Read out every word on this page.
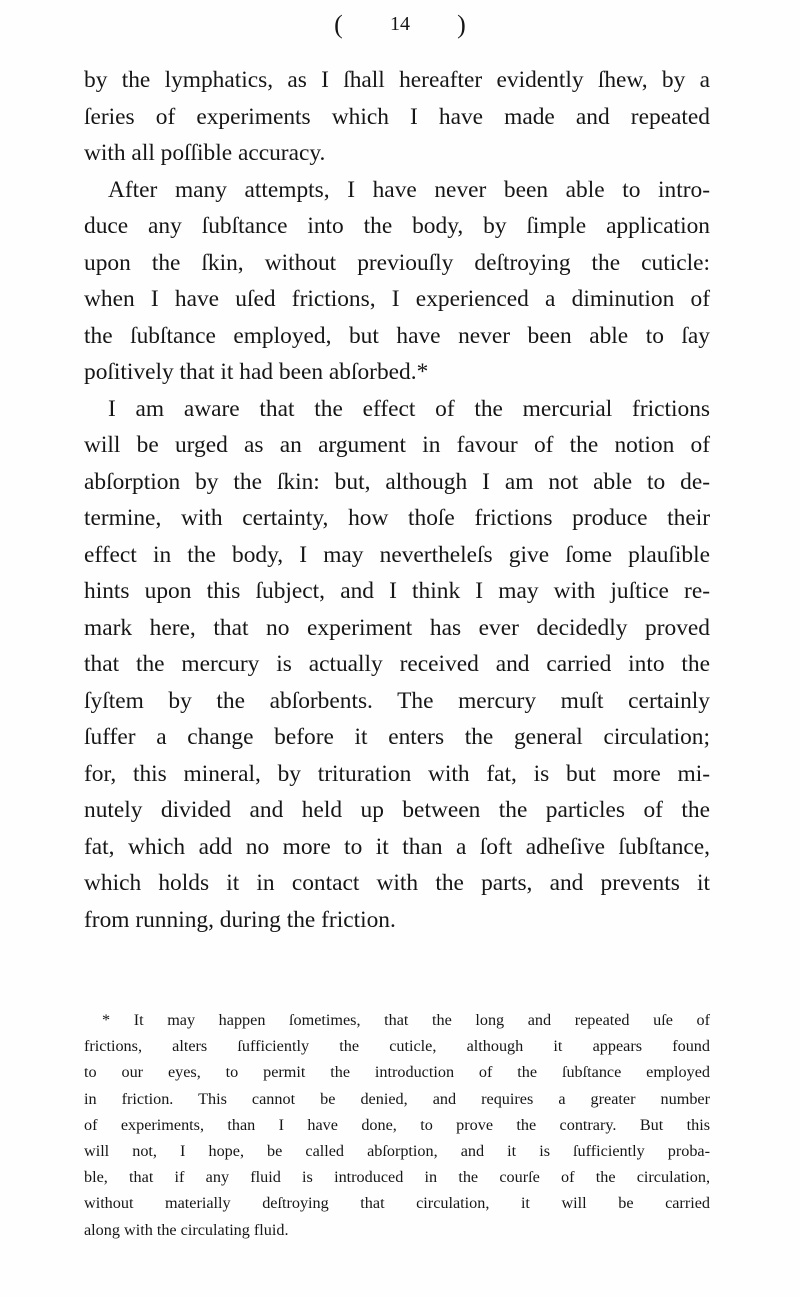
( 14 )
by the lymphatics, as I ſhall hereafter evidently ſhew, by a
ſeries of experiments which I have made and repeated
with all poſſible accuracy.
After many attempts, I have never been able to intro-
duce any ſubſtance into the body, by ſimple application
upon the ſkin, without previouſly deſtroying the cuticle:
when I have uſed frictions, I experienced a diminution of
the ſubſtance employed, but have never been able to ſay
poſitively that it had been abſorbed.*
I am aware that the effect of the mercurial frictions
will be urged as an argument in favour of the notion of
abſorption by the ſkin: but, although I am not able to de-
termine, with certainty, how thoſe frictions produce their
effect in the body, I may nevertheleſs give ſome plauſible
hints upon this ſubject, and I think I may with juſtice re-
mark here, that no experiment has ever decidedly proved
that the mercury is actually received and carried into the
ſyſtem by the abſorbents. The mercury muſt certainly
ſuffer a change before it enters the general circulation;
for, this mineral, by trituration with fat, is but more mi-
nutely divided and held up between the particles of the
fat, which add no more to it than a ſoft adheſive ſubſtance,
which holds it in contact with the parts, and prevents it
from running, during the friction.
* It may happen ſometimes, that the long and repeated uſe of
frictions, alters ſufficiently the cuticle, although it appears found
to our eyes, to permit the introduction of the ſubſtance employed
in friction. This cannot be denied, and requires a greater number
of experiments, than I have done, to prove the contrary. But this
will not, I hope, be called abſorption, and it is ſufficiently proba-
ble, that if any fluid is introduced in the courſe of the circulation,
without materially deſtroying that circulation, it will be carried
along with the circulating fluid.
